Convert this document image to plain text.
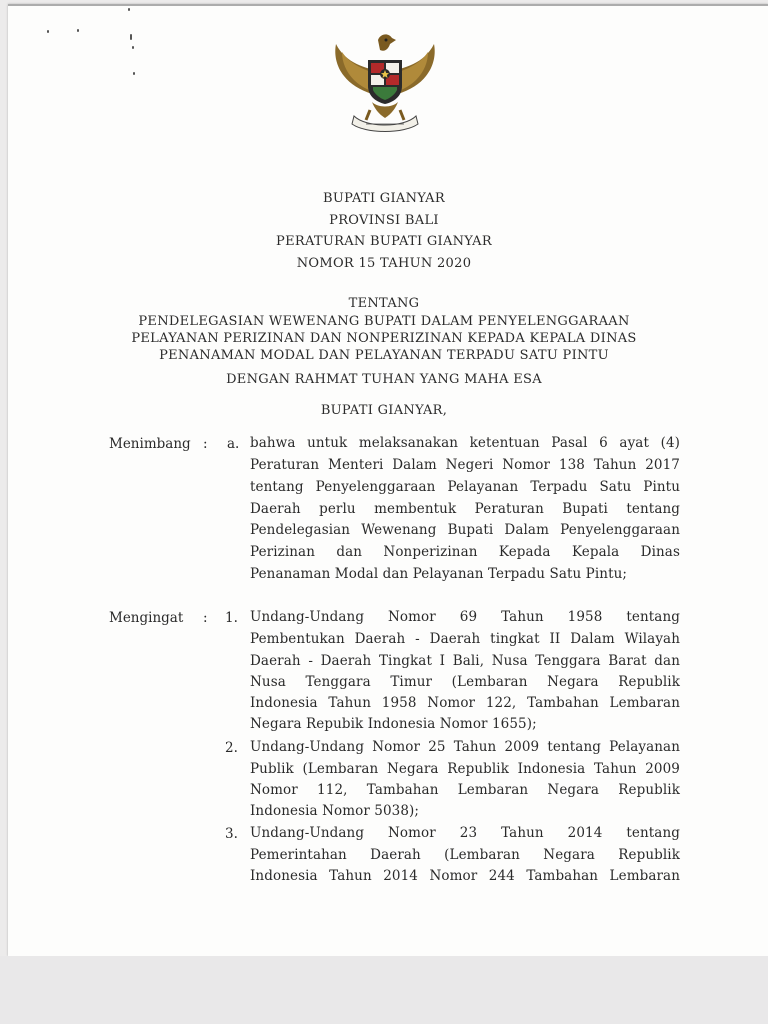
BUPATI GIANYAR
PROVINSI BALI
PERATURAN BUPATI GIANYAR
NOMOR 15 TAHUN 2020
TENTANG
PENDELEGASIAN WEWENANG BUPATI DALAM PENYELENGGARAAN
PELAYANAN PERIZINAN DAN NONPERIZINAN KEPADA KEPALA DINAS
PENANAMAN MODAL DAN PELAYANAN TERPADU SATU PINTU
DENGAN RAHMAT TUHAN YANG MAHA ESA
BUPATI GIANYAR,
Menimbang : a. bahwa untuk melaksanakan ketentuan Pasal 6 ayat (4)
Peraturan Menteri Dalam Negeri Nomor 138 Tahun 2017
tentang Penyelenggaraan Pelayanan Terpadu Satu Pintu
Daerah perlu membentuk Peraturan Bupati tentang
Pendelegasian Wewenang Bupati Dalam Penyelenggaraan
Perizinan dan Nonperizinan Kepada Kepala Dinas
Penanaman Modal dan Pelayanan Terpadu Satu Pintu;
Mengingat : 1. Undang-Undang Nomor 69 Tahun 1958 tentang
Pembentukan Daerah - Daerah tingkat II Dalam Wilayah
Daerah - Daerah Tingkat I Bali, Nusa Tenggara Barat dan
Nusa Tenggara Timur (Lembaran Negara Republik
Indonesia Tahun 1958 Nomor 122, Tambahan Lembaran
Negara Repubik Indonesia Nomor 1655);
2. Undang-Undang Nomor 25 Tahun 2009 tentang Pelayanan
Publik (Lembaran Negara Republik Indonesia Tahun 2009
Nomor 112, Tambahan Lembaran Negara Republik
Indonesia Nomor 5038);
3. Undang-Undang Nomor 23 Tahun 2014 tentang
Pemerintahan Daerah (Lembaran Negara Republik
Indonesia Tahun 2014 Nomor 244 Tambahan Lembaran
